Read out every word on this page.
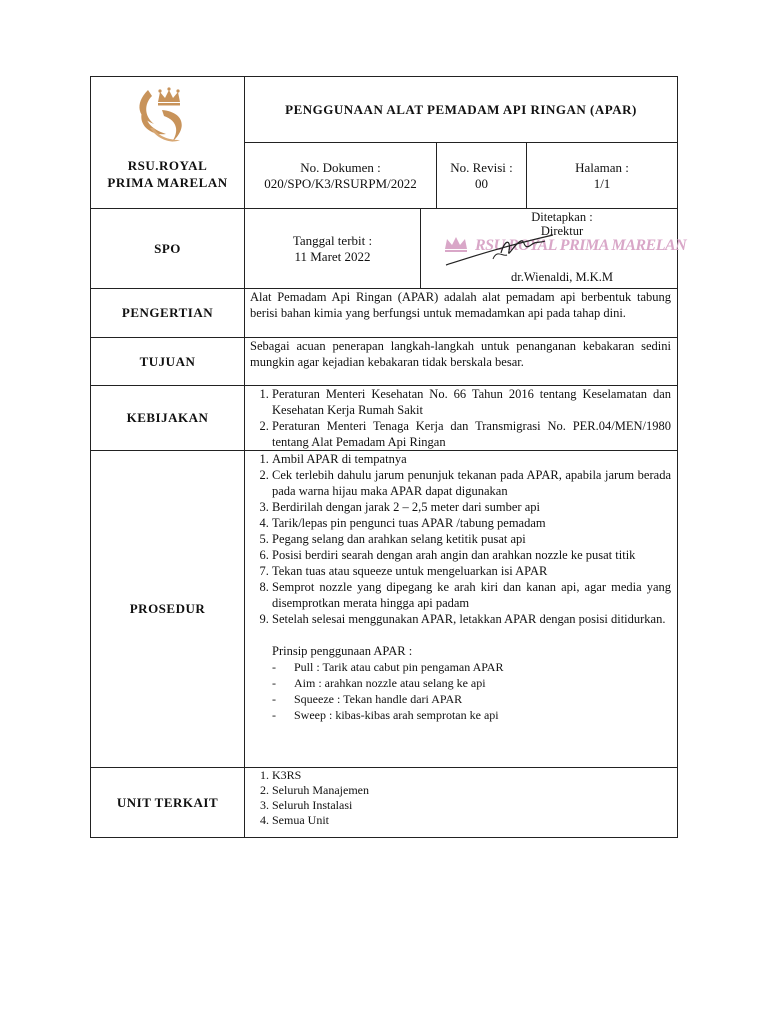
RSU.ROYAL
PRIMA MARELAN
PENGGUNAAN ALAT PEMADAM API RINGAN (APAR)
No. Dokumen :
020/SPO/K3/RSURPM/2022
No. Revisi :
00
Halaman :
1/1
SPO
Tanggal terbit :
11 Maret 2022
Ditetapkan :
Direktur
RSU ROYAL PRIMA MARELAN
dr.Wienaldi, M.K.M
PENGERTIAN
Alat Pemadam Api Ringan (APAR) adalah alat pemadam api berbentuk tabung berisi bahan kimia yang berfungsi untuk memadamkan api pada tahap dini.
TUJUAN
Sebagai acuan penerapan langkah-langkah untuk penanganan kebakaran sedini mungkin agar kejadian kebakaran tidak berskala besar.
KEBIJAKAN
1. Peraturan Menteri Kesehatan No. 66 Tahun 2016 tentang Keselamatan dan Kesehatan Kerja Rumah Sakit
2. Peraturan Menteri Tenaga Kerja dan Transmigrasi No. PER.04/MEN/1980 tentang Alat Pemadam Api Ringan
PROSEDUR
1. Ambil APAR di tempatnya
2. Cek terlebih dahulu jarum penunjuk tekanan pada APAR, apabila jarum berada pada warna hijau maka APAR dapat digunakan
3. Berdirilah dengan jarak 2 – 2,5 meter dari sumber api
4. Tarik/lepas pin pengunci tuas APAR /tabung pemadam
5. Pegang selang dan arahkan selang ketitik pusat api
6. Posisi berdiri searah dengan arah angin dan arahkan nozzle ke pusat titik
7. Tekan tuas atau squeeze untuk mengeluarkan isi APAR
8. Semprot nozzle yang dipegang ke arah kiri dan kanan api, agar media yang disemprotkan merata hingga api padam
9. Setelah selesai menggunakan APAR, letakkan APAR dengan posisi ditidurkan.
Prinsip penggunaan APAR :
- Pull : Tarik atau cabut pin pengaman APAR
- Aim : arahkan nozzle atau selang ke api
- Squeeze : Tekan handle dari APAR
- Sweep : kibas-kibas arah semprotan ke api
UNIT TERKAIT
1. K3RS
2. Seluruh Manajemen
3. Seluruh Instalasi
4. Semua Unit
